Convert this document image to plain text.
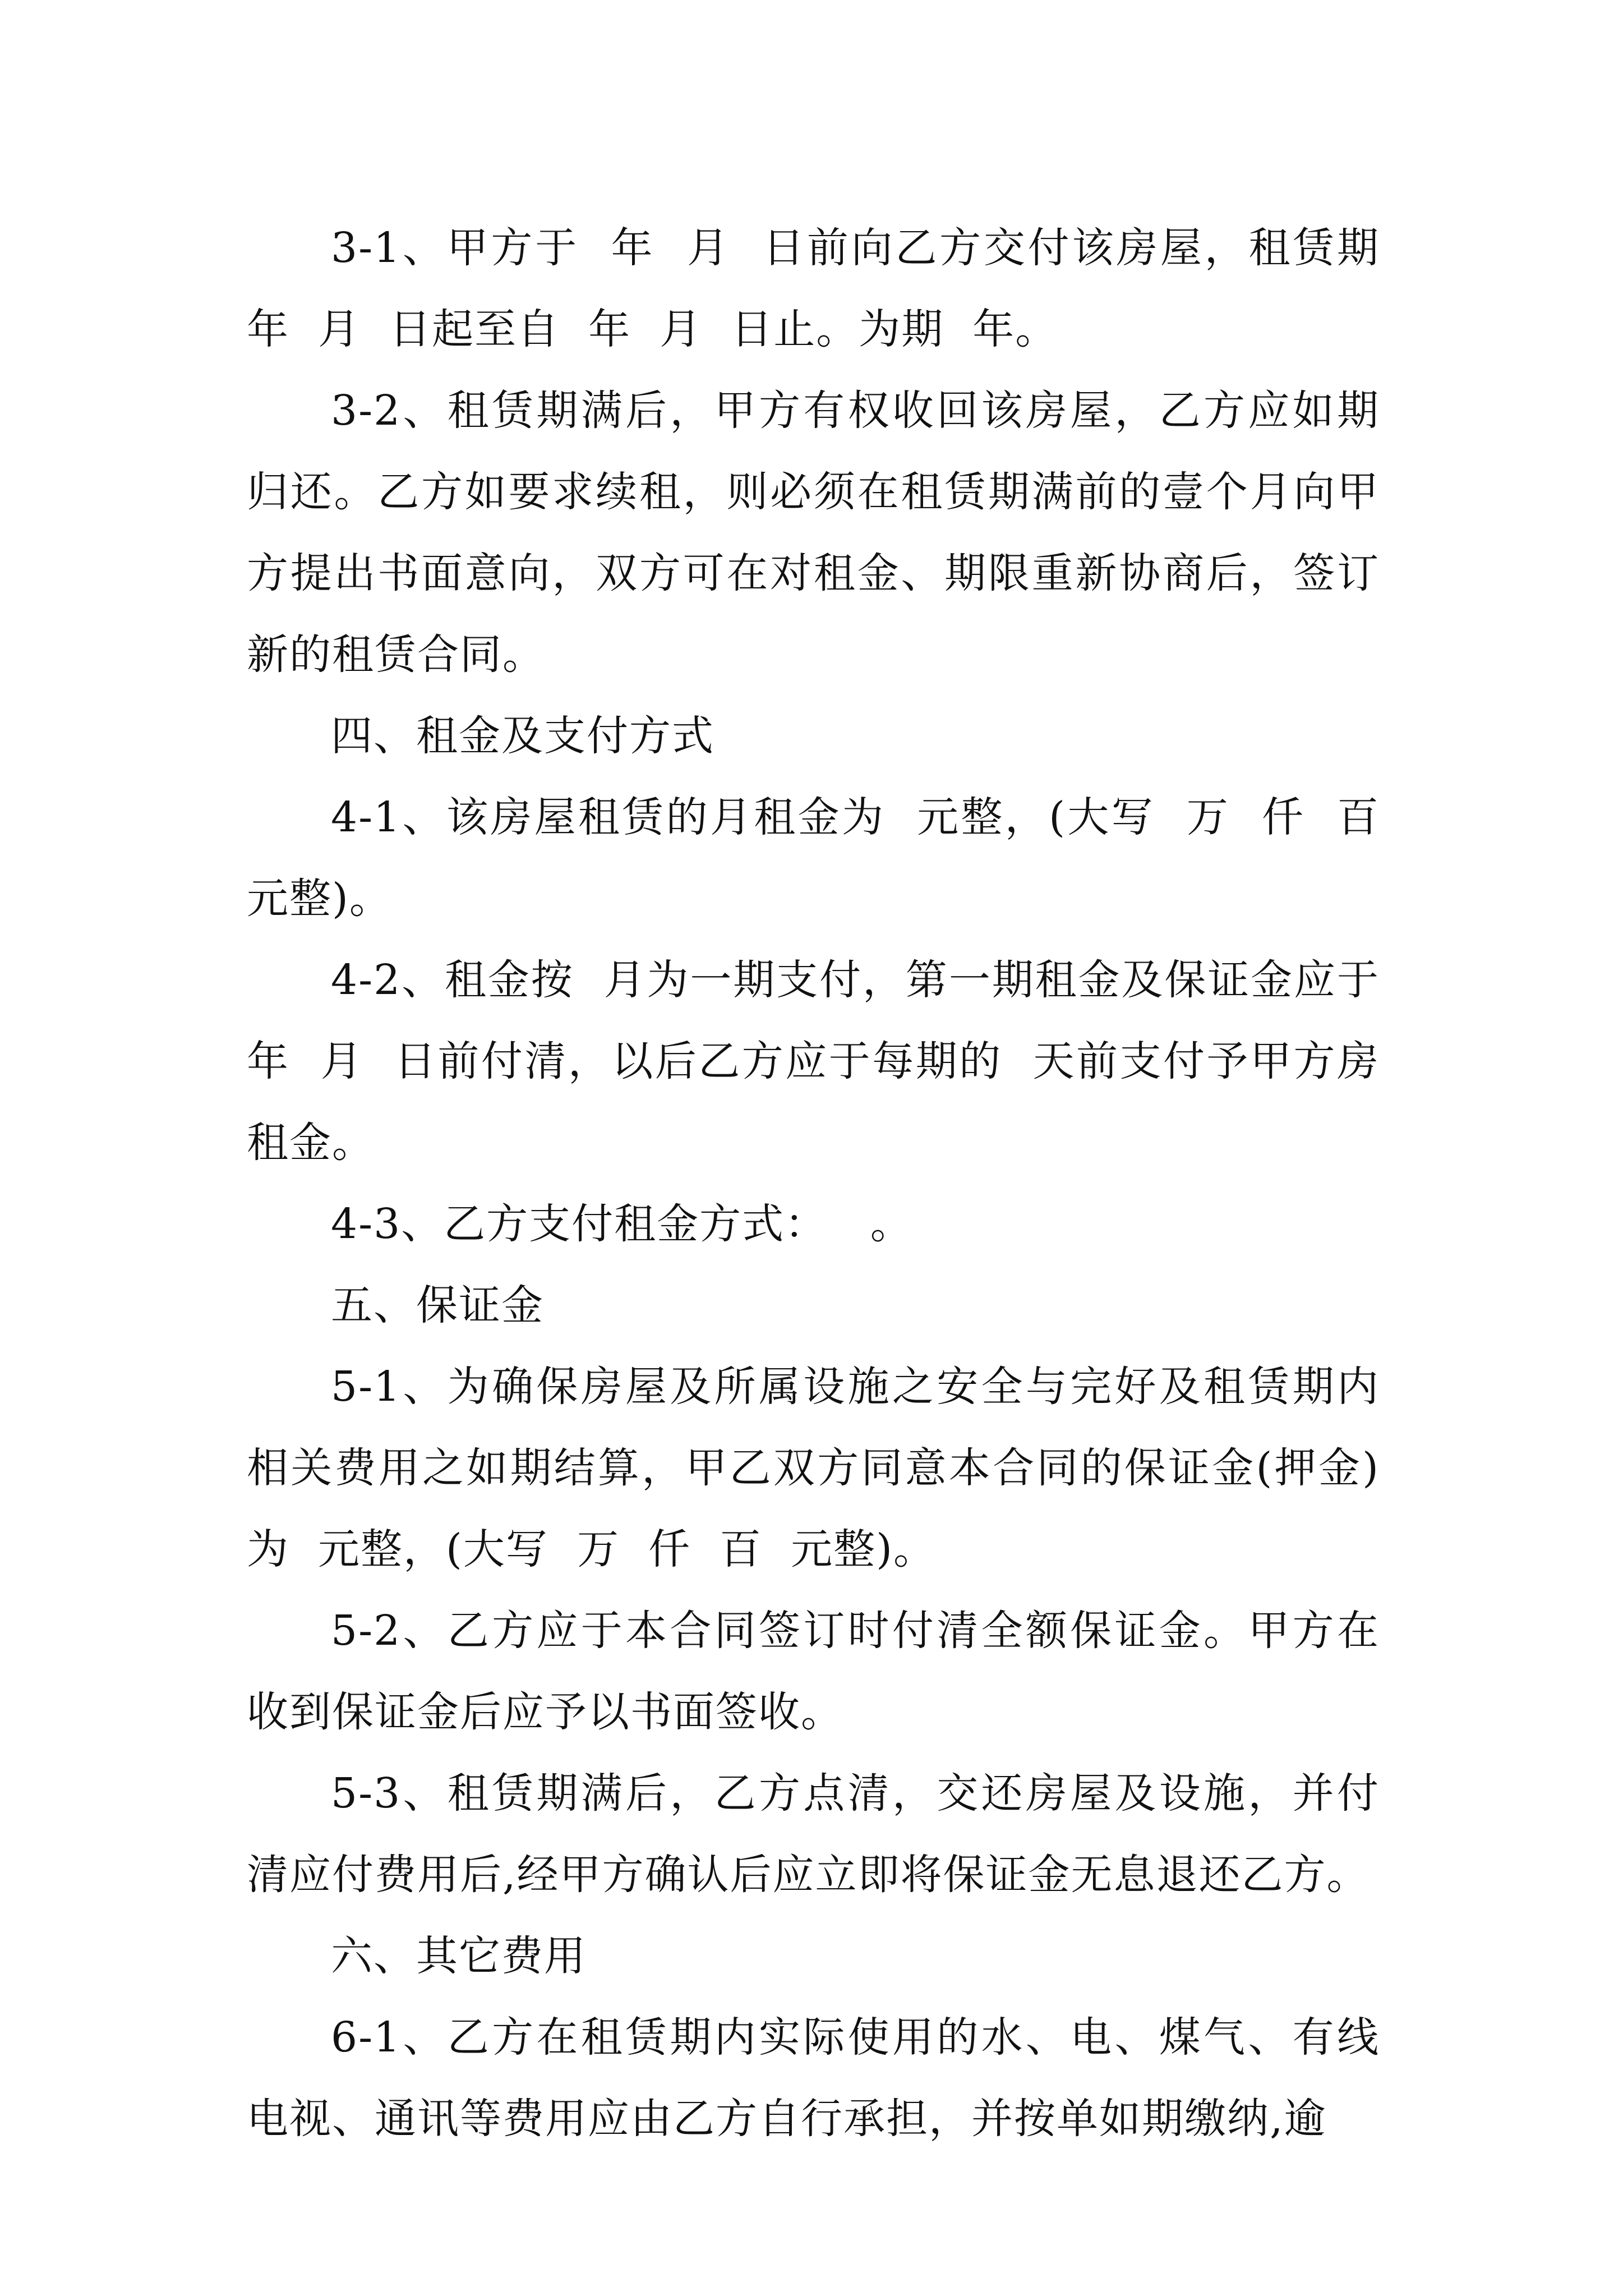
3-1、甲方于  年  月  日前向乙方交付该房屋，租赁期  年  月  日起至自  年  月  日止。为期  年。

3-2、租赁期满后，甲方有权收回该房屋，乙方应如期归还。乙方如要求续租，则必须在租赁期满前的壹个月向甲方提出书面意向，双方可在对租金、期限重新协商后，签订新的租赁合同。

四、租金及支付方式

4-1、该房屋租赁的月租金为  元整，(大写  万  仟  百  元整)。

4-2、租金按  月为一期支付，第一期租金及保证金应于  年  月  日前付清，以后乙方应于每期的  天前支付予甲方房租金。

4-3、乙方支付租金方式：   。

五、保证金

5-1、为确保房屋及所属设施之安全与完好及租赁期内相关费用之如期结算，甲乙双方同意本合同的保证金(押金)为  元整，(大写  万  仟  百  元整)。

5-2、乙方应于本合同签订时付清全额保证金。甲方在收到保证金后应予以书面签收。

5-3、租赁期满后，乙方点清，交还房屋及设施，并付清应付费用后,经甲方确认后应立即将保证金无息退还乙方。

六、其它费用

6-1、乙方在租赁期内实际使用的水、电、煤气、有线电视、通讯等费用应由乙方自行承担，并按单如期缴纳,逾
